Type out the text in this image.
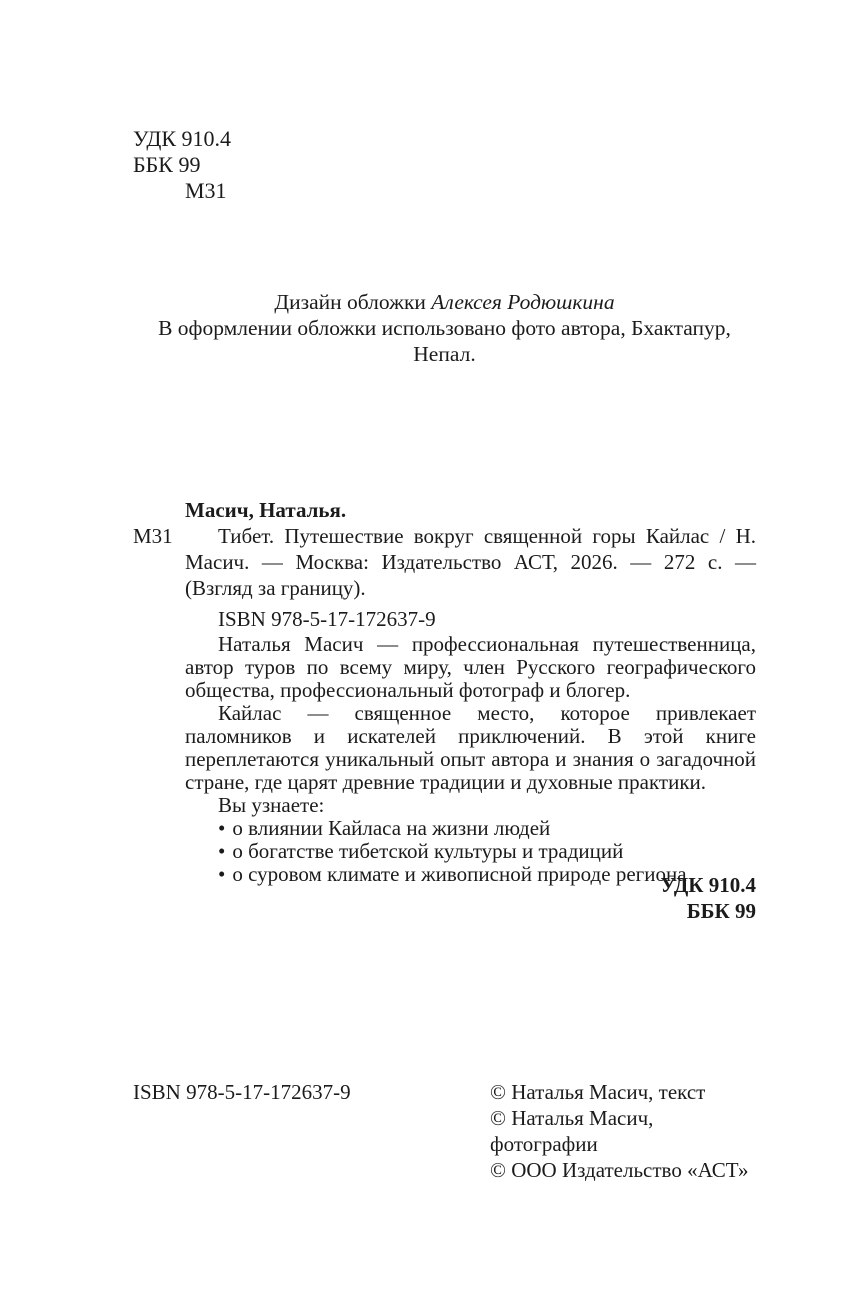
УДК 910.4
ББК 99
М31
Дизайн обложки Алексея Родюшкина
В оформлении обложки использовано фото автора, Бхактапур, Непал.
Масич, Наталья.
М31	Тибет. Путешествие вокруг священной горы Кайлас / Н. Масич. — Москва: Издательство АСТ, 2026. — 272 с. — (Взгляд за границу).

ISBN 978-5-17-172637-9

Наталья Масич — профессиональная путешественница, автор туров по всему миру, член Русского географического общества, профессиональный фотограф и блогер.

Кайлас — священное место, которое привлекает паломников и искателей приключений. В этой книге переплетаются уникальный опыт автора и знания о загадочной стране, где царят древние традиции и духовные практики.

Вы узнаете:
• о влиянии Кайласа на жизни людей
• о богатстве тибетской культуры и традиций
• о суровом климате и живописной природе региона
УДК 910.4
ББК 99
ISBN 978-5-17-172637-9	© Наталья Масич, текст
© Наталья Масич, фотографии
© ООО Издательство «АСТ»
